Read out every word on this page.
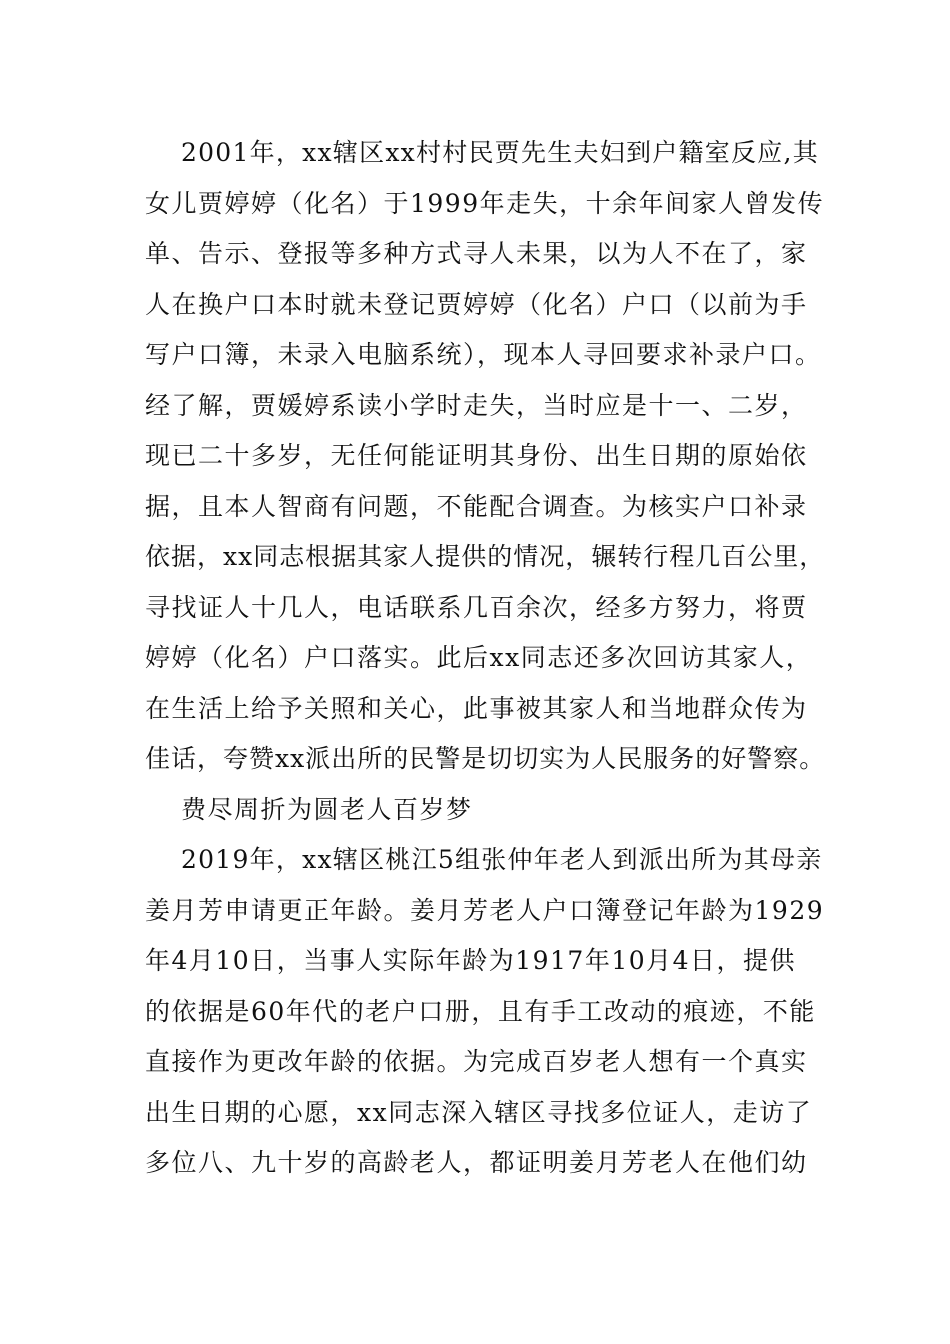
2001年，xx辖区xx村村民贾先生夫妇到户籍室反应,其
女儿贾婷婷（化名）于1999年走失，十余年间家人曾发传
单、告示、登报等多种方式寻人未果，以为人不在了，家
人在换户口本时就未登记贾婷婷（化名）户口（以前为手
写户口簿，未录入电脑系统），现本人寻回要求补录户口。
经了解，贾媛婷系读小学时走失，当时应是十一、二岁，
现已二十多岁，无任何能证明其身份、出生日期的原始依
据，且本人智商有问题，不能配合调查。为核实户口补录
依据，xx同志根据其家人提供的情况，辗转行程几百公里，
寻找证人十几人，电话联系几百余次，经多方努力，将贾
婷婷（化名）户口落实。此后xx同志还多次回访其家人，
在生活上给予关照和关心，此事被其家人和当地群众传为
佳话，夸赞xx派出所的民警是切切实为人民服务的好警察。
费尽周折为圆老人百岁梦
2019年，xx辖区桃江5组张仲年老人到派出所为其母亲
姜月芳申请更正年龄。姜月芳老人户口簿登记年龄为1929
年4月10日，当事人实际年龄为1917年10月4日，提供
的依据是60年代的老户口册，且有手工改动的痕迹，不能
直接作为更改年龄的依据。为完成百岁老人想有一个真实
出生日期的心愿，xx同志深入辖区寻找多位证人，走访了
多位八、九十岁的高龄老人，都证明姜月芳老人在他们幼
